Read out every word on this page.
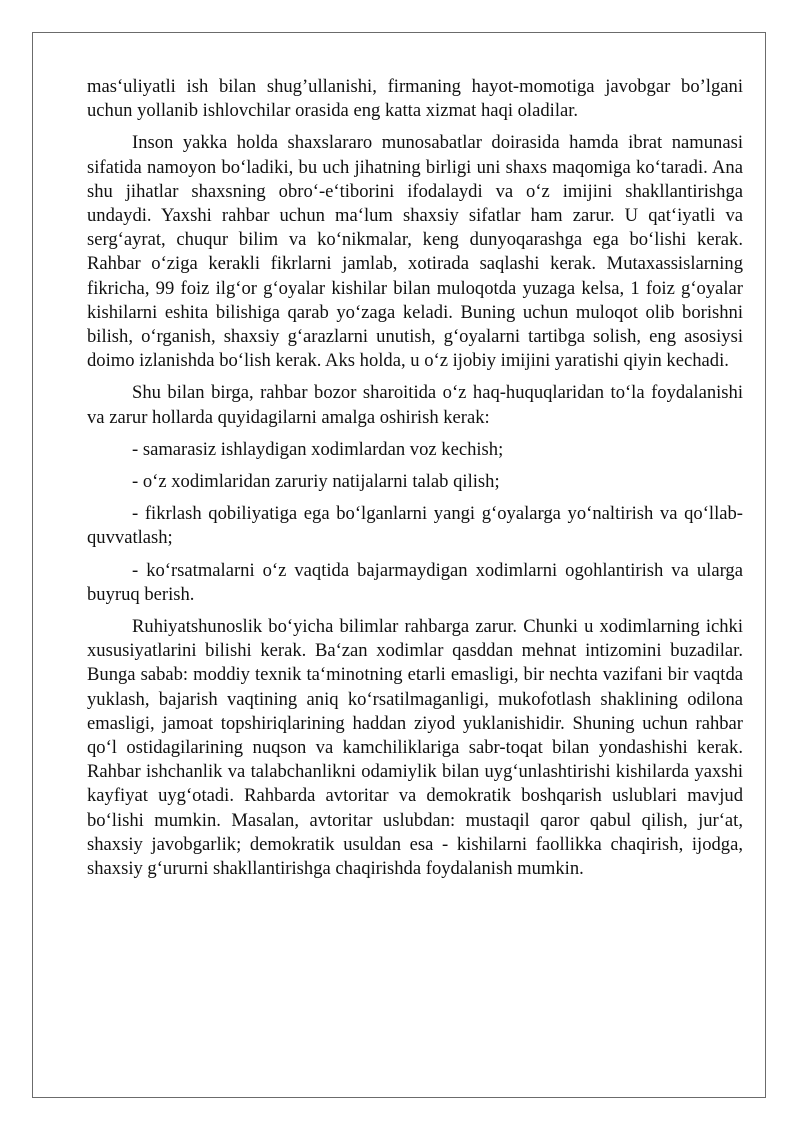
mas‘uliyatli ish bilan shug’ullanishi, firmaning hayot-momotiga javobgar bo’lgani uchun yollanib ishlovchilar orasida eng katta xizmat haqi oladilar.

Inson yakka holda shaxslararo munosabatlar doirasida hamda ibrat namunasi sifatida namoyon bo‘ladiki, bu uch jihatning birligi uni shaxs maqomiga ko‘taradi. Ana shu jihatlar shaxsning obro‘-e‘tiborini ifodalaydi va o‘z imijini shakllantirishga undaydi. Yaxshi rahbar uchun ma‘lum shaxsiy sifatlar ham zarur. U qat‘iyatli va serg‘ayrat, chuqur bilim va ko‘nikmalar, keng dunyoqarashga ega bo‘lishi kerak. Rahbar o‘ziga kerakli fikrlarni jamlab, xotirada saqlashi kerak. Mutaxassislarning fikricha, 99 foiz ilg‘or g‘oyalar kishilar bilan muloqotda yuzaga kelsa, 1 foiz g‘oyalar kishilarni eshita bilishiga qarab yo‘zaga keladi. Buning uchun muloqot olib borishni bilish, o‘rganish, shaxsiy g‘arazlarni unutish, g‘oyalarni tartibga solish, eng asosiysi doimo izlanishda bo‘lish kerak. Aks holda, u o‘z ijobiy imijini yaratishi qiyin kechadi.

Shu bilan birga, rahbar bozor sharoitida o‘z haq-huquqlaridan to‘la foydalanishi va zarur hollarda quyidagilarni amalga oshirish kerak:

- samarasiz ishlaydigan xodimlardan voz kechish;

- o‘z xodimlaridan zaruriy natijalarni talab qilish;

- fikrlash qobiliyatiga ega bo‘lganlarni yangi g‘oyalarga yo‘naltirish va qo‘llab-quvvatlash;

- ko‘rsatmalarni o‘z vaqtida bajarmaydigan xodimlarni ogohlantirish va ularga buyruq berish.

Ruhiyatshunoslik bo‘yicha bilimlar rahbarga zarur. Chunki u xodimlarning ichki xususiyatlarini bilishi kerak. Ba‘zan xodimlar qasddan mehnat intizomini buzadilar. Bunga sabab: moddiy texnik ta‘minotning etarli emasligi, bir nechta vazifani bir vaqtda yuklash, bajarish vaqtining aniq ko‘rsatilmaganligi, mukofotlash shaklining odilona emasligi, jamoat topshiriqlarining haddan ziyod yuklanishidir. Shuning uchun rahbar qo‘l ostidagilarining nuqson va kamchiliklariga sabr-toqat bilan yondashishi kerak. Rahbar ishchanlik va talabchanlikni odamiylik bilan uyg‘unlashtirishi kishilarda yaxshi kayfiyat uyg‘otadi. Rahbarda avtoritar va demokratik boshqarish uslublari mavjud bo‘lishi mumkin. Masalan, avtoritar uslubdan: mustaqil qaror qabul qilish, jur‘at, shaxsiy javobgarlik; demokratik usuldan esa - kishilarni faollikka chaqirish, ijodga, shaxsiy g‘ururni shakllantirishga chaqirishda foydalanish mumkin.
